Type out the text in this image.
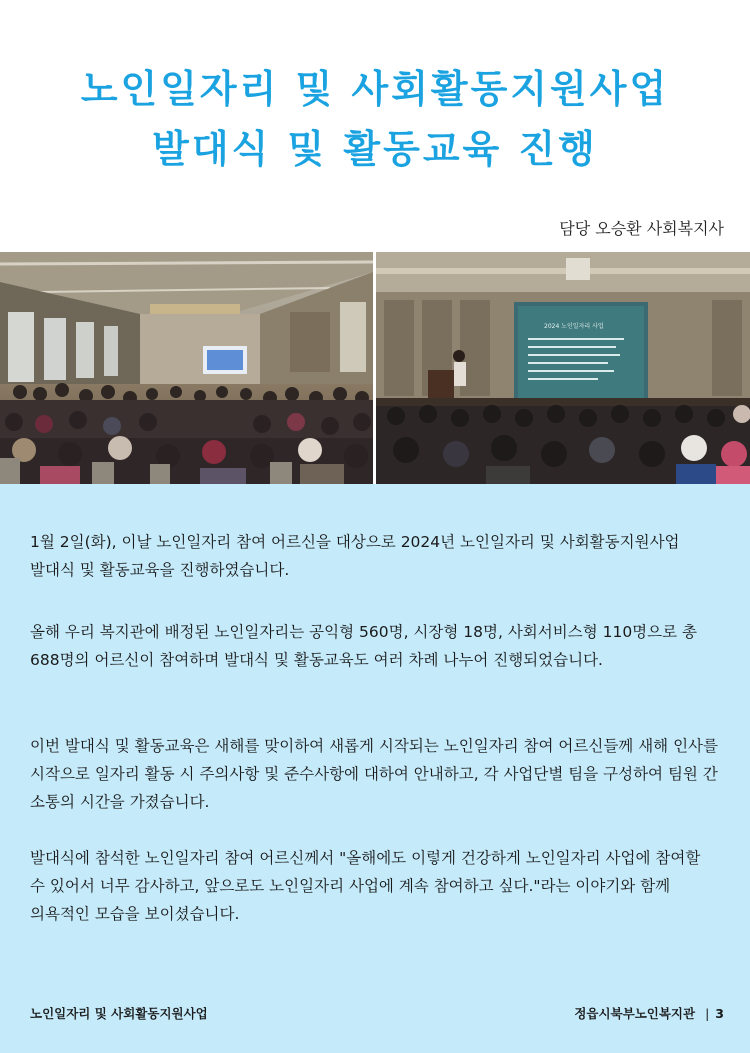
노인일자리 및 사회활동지원사업
발대식 및 활동교육 진행
담당 오승환 사회복지사
2024 노인일자리 사업

1월 2일(화), 이날 노인일자리 참여 어르신을 대상으로 2024년 노인일자리 및 사회활동지원사업 발대식 및 활동교육을 진행하였습니다.

올해 우리 복지관에 배정된 노인일자리는 공익형 560명, 시장형 18명, 사회서비스형 110명으로 총 688명의 어르신이 참여하며 발대식 및 활동교육도 여러 차례 나누어 진행되었습니다.

이번 발대식 및 활동교육은 새해를 맞이하여 새롭게 시작되는 노인일자리 참여 어르신들께 새해 인사를 시작으로 일자리 활동 시 주의사항 및 준수사항에 대하여 안내하고, 각 사업단별 팀을 구성하여 팀원 간 소통의 시간을 가졌습니다.

발대식에 참석한 노인일자리 참여 어르신께서 "올해에도 이렇게 건강하게 노인일자리 사업에 참여할 수 있어서 너무 감사하고, 앞으로도 노인일자리 사업에 계속 참여하고 싶다."라는 이야기와 함께 의욕적인 모습을 보이셨습니다.

노인일자리 및 사회활동지원사업	정읍시북부노인복지관 | 3
